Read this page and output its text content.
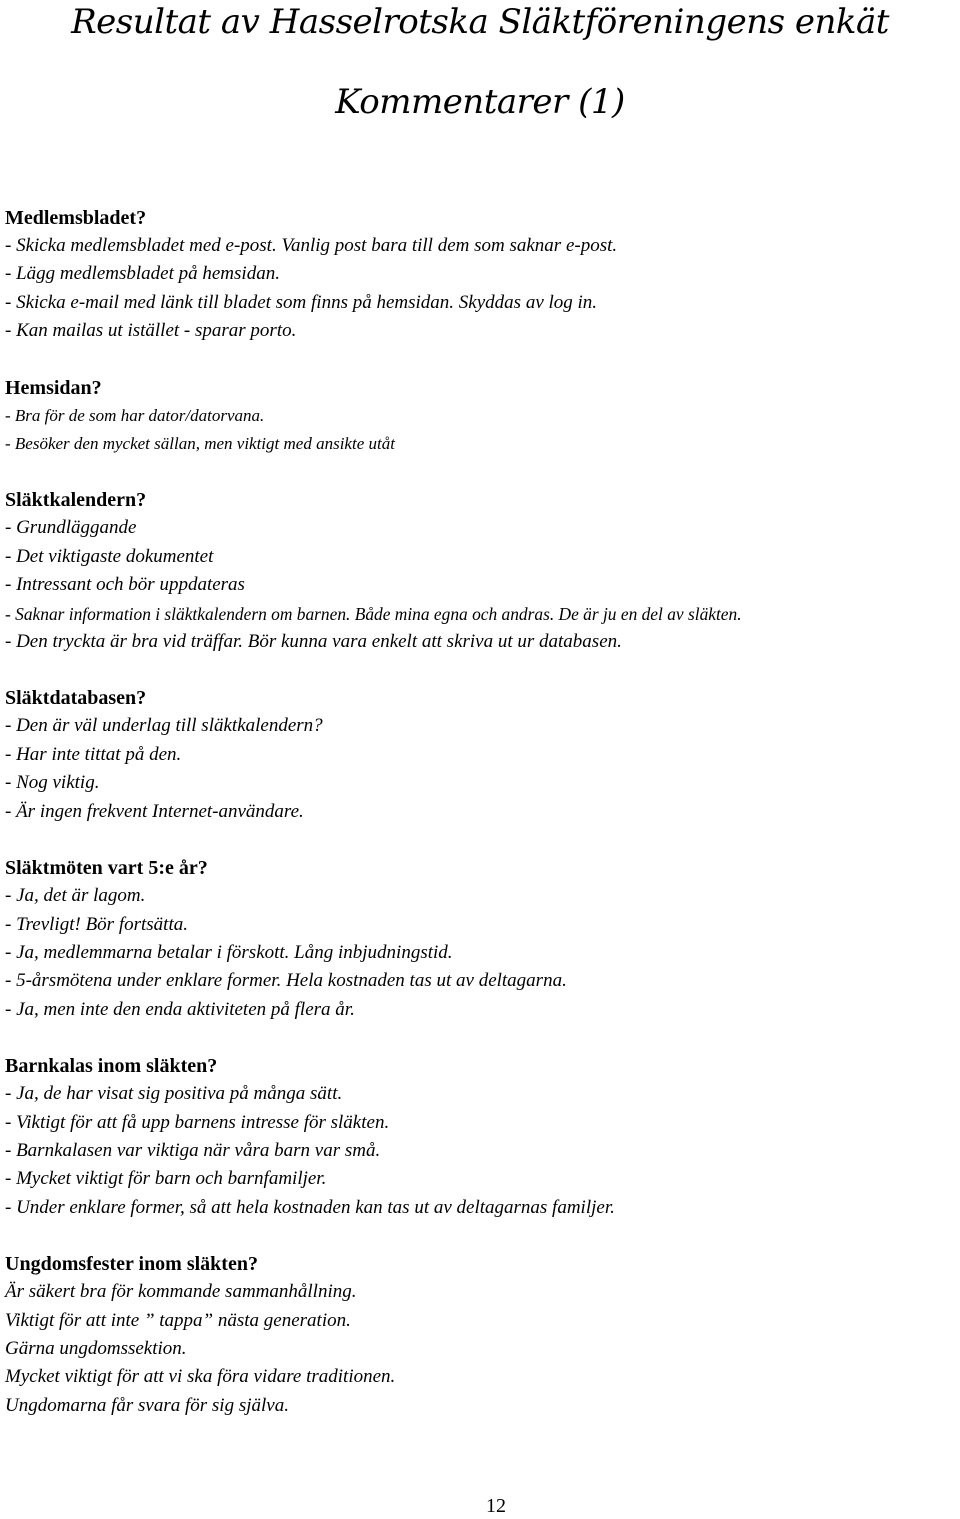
Resultat av Hasselrotska Släktföreningens enkät
Kommentarer (1)
Medlemsbladet?
- Skicka medlemsbladet med e-post. Vanlig post bara till dem som saknar e-post.
- Lägg medlemsbladet på hemsidan.
- Skicka e-mail med länk till bladet som finns på hemsidan. Skyddas av log in.
- Kan mailas ut istället - sparar porto.
Hemsidan?
- Bra för de som har dator/datorvana.
- Besöker den mycket sällan, men viktigt med ansikte utåt
Släktkalendern?
- Grundläggande
- Det viktigaste dokumentet
- Intressant och bör uppdateras
- Saknar information i släktkalendern om barnen. Både mina egna och andras. De är ju en del av släkten.
- Den tryckta är bra vid träffar. Bör kunna vara enkelt att skriva ut ur databasen.
Släktdatabasen?
- Den är väl underlag till släktkalendern?
- Har inte tittat på den.
- Nog viktig.
- Är ingen frekvent Internet-användare.
Släktmöten vart 5:e år?
- Ja, det är lagom.
- Trevligt! Bör fortsätta.
- Ja, medlemmarna betalar i förskott. Lång inbjudningstid.
- 5-årsmötena under enklare former. Hela kostnaden tas ut av deltagarna.
- Ja, men inte den enda aktiviteten på flera år.
Barnkalas inom släkten?
- Ja, de har visat sig positiva på många sätt.
- Viktigt för att få upp barnens intresse för släkten.
- Barnkalasen var viktiga när våra barn var små.
- Mycket viktigt för barn och barnfamiljer.
- Under enklare former, så att hela kostnaden kan tas ut av deltagarnas familjer.
Ungdomsfester inom släkten?
Är säkert bra för kommande sammanhållning.
Viktigt för att inte ” tappa” nästa generation.
Gärna ungdomssektion.
Mycket viktigt för att vi ska föra vidare traditionen.
Ungdomarna får svara för sig själva.
12
